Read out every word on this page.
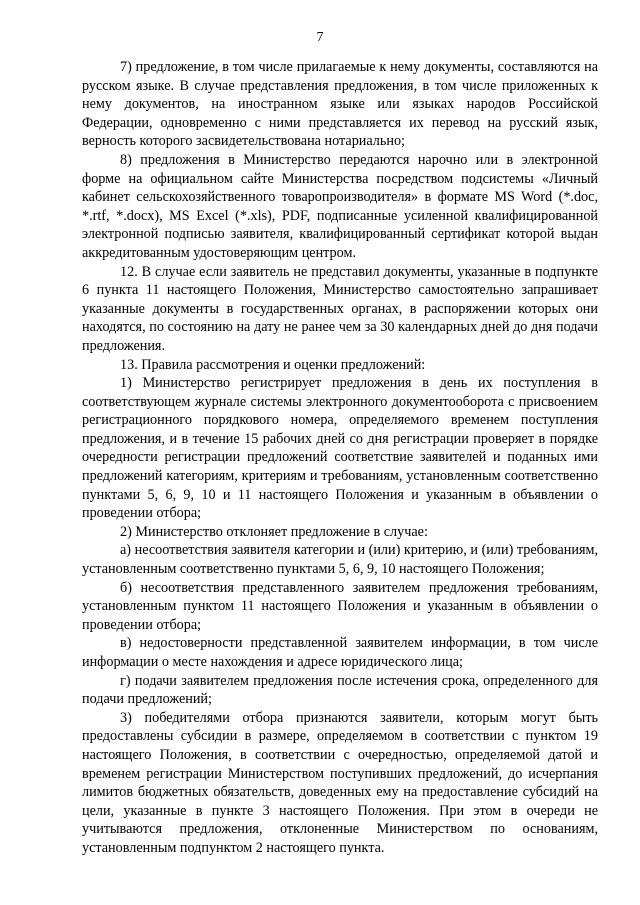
7

7) предложение, в том числе прилагаемые к нему документы, составляются на русском языке. В случае представления предложения, в том числе приложенных к нему документов, на иностранном языке или языках народов Российской Федерации, одновременно с ними представляется их перевод на русский язык, верность которого засвидетельствована нотариально;

8) предложения в Министерство передаются нарочно или в электронной форме на официальном сайте Министерства посредством подсистемы «Личный кабинет сельскохозяйственного товаропроизводителя» в формате MS Word (*.doc, *.rtf, *.docx), MS Excel (*.xls), PDF, подписанные усиленной квалифицированной электронной подписью заявителя, квалифицированный сертификат которой выдан аккредитованным удостоверяющим центром.

12. В случае если заявитель не представил документы, указанные в подпункте 6 пункта 11 настоящего Положения, Министерство самостоятельно запрашивает указанные документы в государственных органах, в распоряжении которых они находятся, по состоянию на дату не ранее чем за 30 календарных дней до дня подачи предложения.

13. Правила рассмотрения и оценки предложений:

1) Министерство регистрирует предложения в день их поступления в соответствующем журнале системы электронного документооборота с присвоением регистрационного порядкового номера, определяемого временем поступления предложения, и в течение 15 рабочих дней со дня регистрации проверяет в порядке очередности регистрации предложений соответствие заявителей и поданных ими предложений категориям, критериям и требованиям, установленным соответственно пунктами 5, 6, 9, 10 и 11 настоящего Положения и указанным в объявлении о проведении отбора;

2) Министерство отклоняет предложение в случае:

а) несоответствия заявителя категории и (или) критерию, и (или) требованиям, установленным соответственно пунктами 5, 6, 9, 10 настоящего Положения;

б) несоответствия представленного заявителем предложения требованиям, установленным пунктом 11 настоящего Положения и указанным в объявлении о проведении отбора;

в) недостоверности представленной заявителем информации, в том числе информации о месте нахождения и адресе юридического лица;

г) подачи заявителем предложения после истечения срока, определенного для подачи предложений;

3) победителями отбора признаются заявители, которым могут быть предоставлены субсидии в размере, определяемом в соответствии с пунктом 19 настоящего Положения, в соответствии с очередностью, определяемой датой и временем регистрации Министерством поступивших предложений, до исчерпания лимитов бюджетных обязательств, доведенных ему на предоставление субсидий на цели, указанные в пункте 3 настоящего Положения. При этом в очереди не учитываются предложения, отклоненные Министерством по основаниям, установленным подпунктом 2 настоящего пункта.
